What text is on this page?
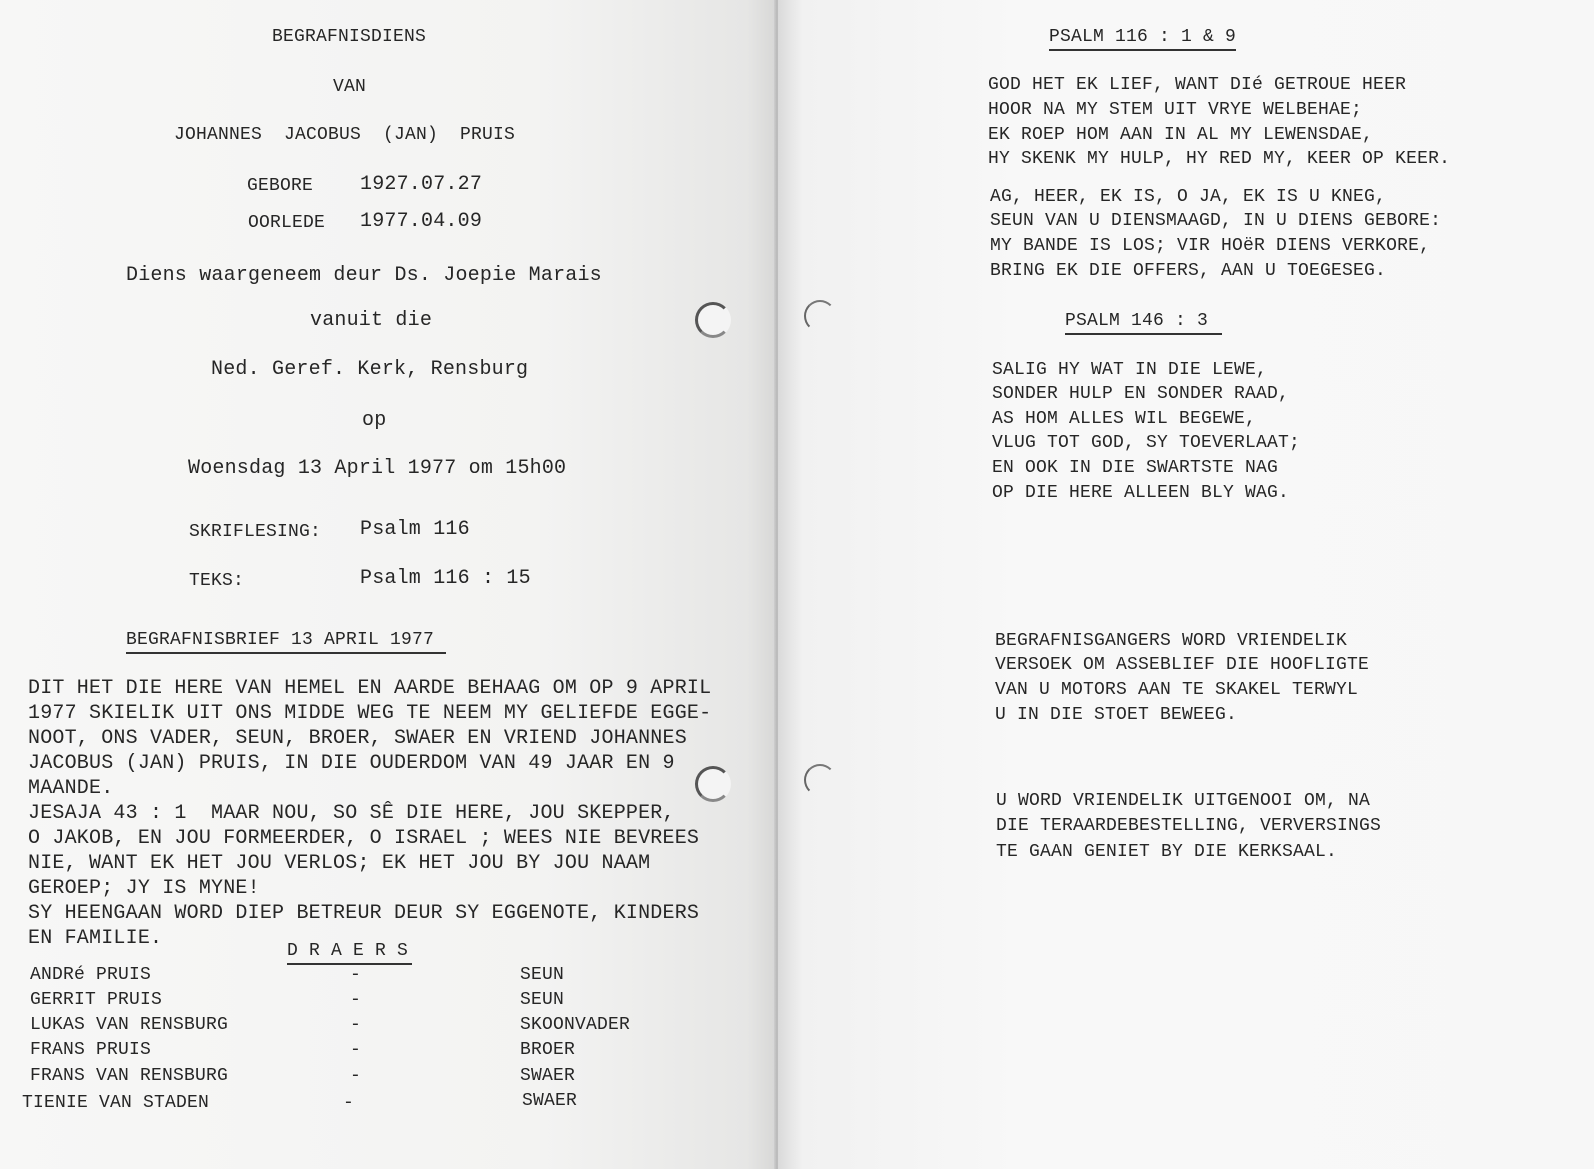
BEGRAFNISDIENS
VAN
JOHANNES  JACOBUS  (JAN)  PRUIS
GEBORE 1927.07.27
OORLEDE 1977.04.09
Diens waargeneem deur Ds. Joepie Marais
vanuit die
Ned. Geref. Kerk, Rensburg
op
Woensdag 13 April 1977 om 15h00
SKRIFLESING: Psalm 116
TEKS:	Psalm 116 : 15
BEGRAFNISBRIEF 13 APRIL 1977
DIT HET DIE HERE VAN HEMEL EN AARDE BEHAAG OM OP 9 APRIL
1977 SKIELIK UIT ONS MIDDE WEG TE NEEM MY GELIEFDE EGGE-
NOOT, ONS VADER, SEUN, BROER, SWAER EN VRIEND JOHANNES
JACOBUS (JAN) PRUIS, IN DIE OUDERDOM VAN 49 JAAR EN 9
MAANDE.
JESAJA 43 : 1  MAAR NOU, SO SÊ DIE HERE, JOU SKEPPER,
O JAKOB, EN JOU FORMEERDER, O ISRAEL ; WEES NIE BEVREES
NIE, WANT EK HET JOU VERLOS; EK HET JOU BY JOU NAAM
GEROEP; JY IS MYNE!
SY HEENGAAN WORD DIEP BETREUR DEUR SY EGGENOTE, KINDERS
EN FAMILIE.
D R A E R S
ANDRé PRUIS	-	SEUN
GERRIT PRUIS	-	SEUN
LUKAS VAN RENSBURG	-	SKOONVADER
FRANS PRUIS	-	BROER
FRANS VAN RENSBURG	-	SWAER
TIENIE VAN STADEN	-	SWAER
PSALM 116 : 1 & 9
GOD HET EK LIEF, WANT DIé GETROUE HEER
HOOR NA MY STEM UIT VRYE WELBEHAE;
EK ROEP HOM AAN IN AL MY LEWENSDAE,
HY SKENK MY HULP, HY RED MY, KEER OP KEER.
AG, HEER, EK IS, O JA, EK IS U KNEG,
SEUN VAN U DIENSMAAGD, IN U DIENS GEBORE:
MY BANDE IS LOS; VIR HOëR DIENS VERKORE,
BRING EK DIE OFFERS, AAN U TOEGESEG.
PSALM 146 : 3
SALIG HY WAT IN DIE LEWE,
SONDER HULP EN SONDER RAAD,
AS HOM ALLES WIL BEGEWE,
VLUG TOT GOD, SY TOEVERLAAT;
EN OOK IN DIE SWARTSTE NAG
OP DIE HERE ALLEEN BLY WAG.
BEGRAFNISGANGERS WORD VRIENDELIK
VERSOEK OM ASSEBLIEF DIE HOOFLIGTE
VAN U MOTORS AAN TE SKAKEL TERWYL
U IN DIE STOET BEWEEG.
U WORD VRIENDELIK UITGENOOI OM, NA
DIE TERAARDEBESTELLING, VERVERSINGS
TE GAAN GENIET BY DIE KERKSAAL.
